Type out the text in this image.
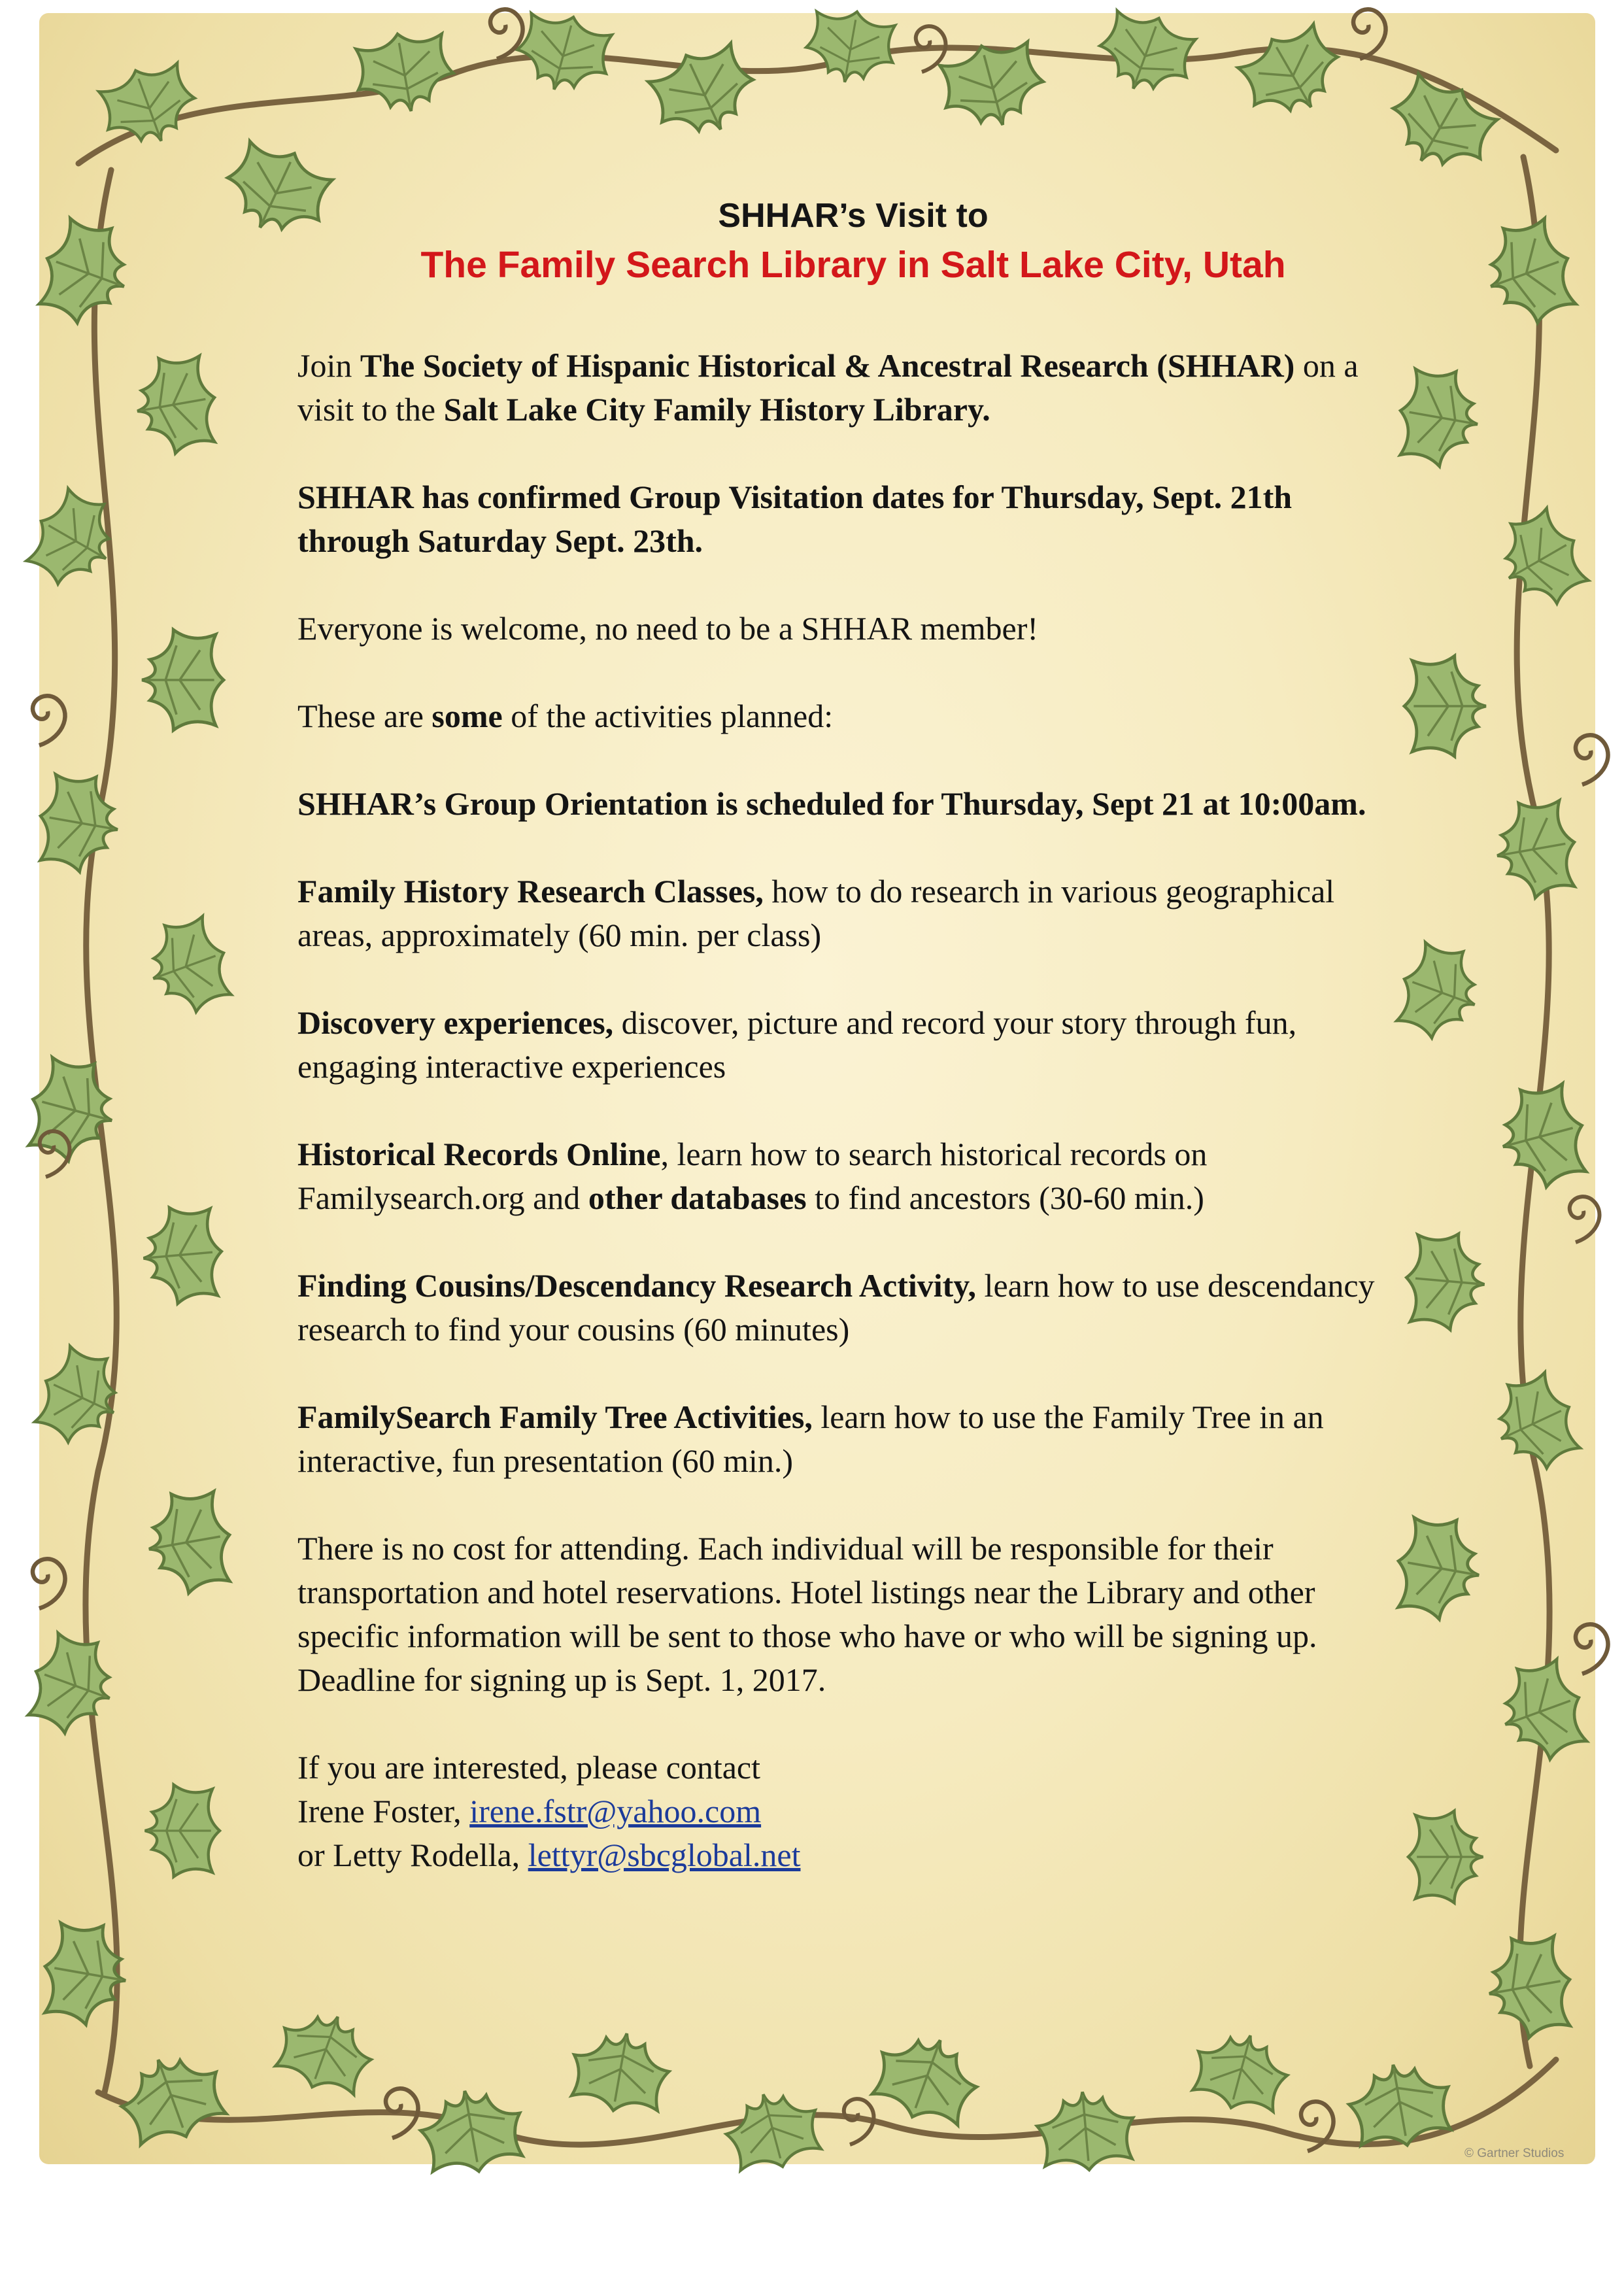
SHHAR’s Visit to
The Family Search Library in Salt Lake City, Utah

Join The Society of Hispanic Historical & Ancestral Research (SHHAR) on a visit to the Salt Lake City Family History Library.

SHHAR has confirmed Group Visitation dates for Thursday, Sept. 21th through Saturday Sept. 23th.

Everyone is welcome, no need to be a SHHAR member!

These are some of the activities planned:

SHHAR’s Group Orientation is scheduled for Thursday, Sept 21 at 10:00am.

Family History Research Classes, how to do research in various geographical areas, approximately (60 min. per class)

Discovery experiences, discover, picture and record your story through fun, engaging interactive experiences

Historical Records Online, learn how to search historical records on Familysearch.org and other databases to find ancestors (30-60 min.)

Finding Cousins/Descendancy Research Activity, learn how to use descendancy research to find your cousins (60 minutes)

FamilySearch Family Tree Activities, learn how to use the Family Tree in an interactive, fun presentation (60 min.)

There is no cost for attending. Each individual will be responsible for their transportation and hotel reservations. Hotel listings near the Library and other specific information will be sent to those who have or who will be signing up. Deadline for signing up is Sept. 1, 2017.

If you are interested, please contact
Irene Foster, irene.fstr@yahoo.com
or Letty Rodella, lettyr@sbcglobal.net

© Gartner Studios
